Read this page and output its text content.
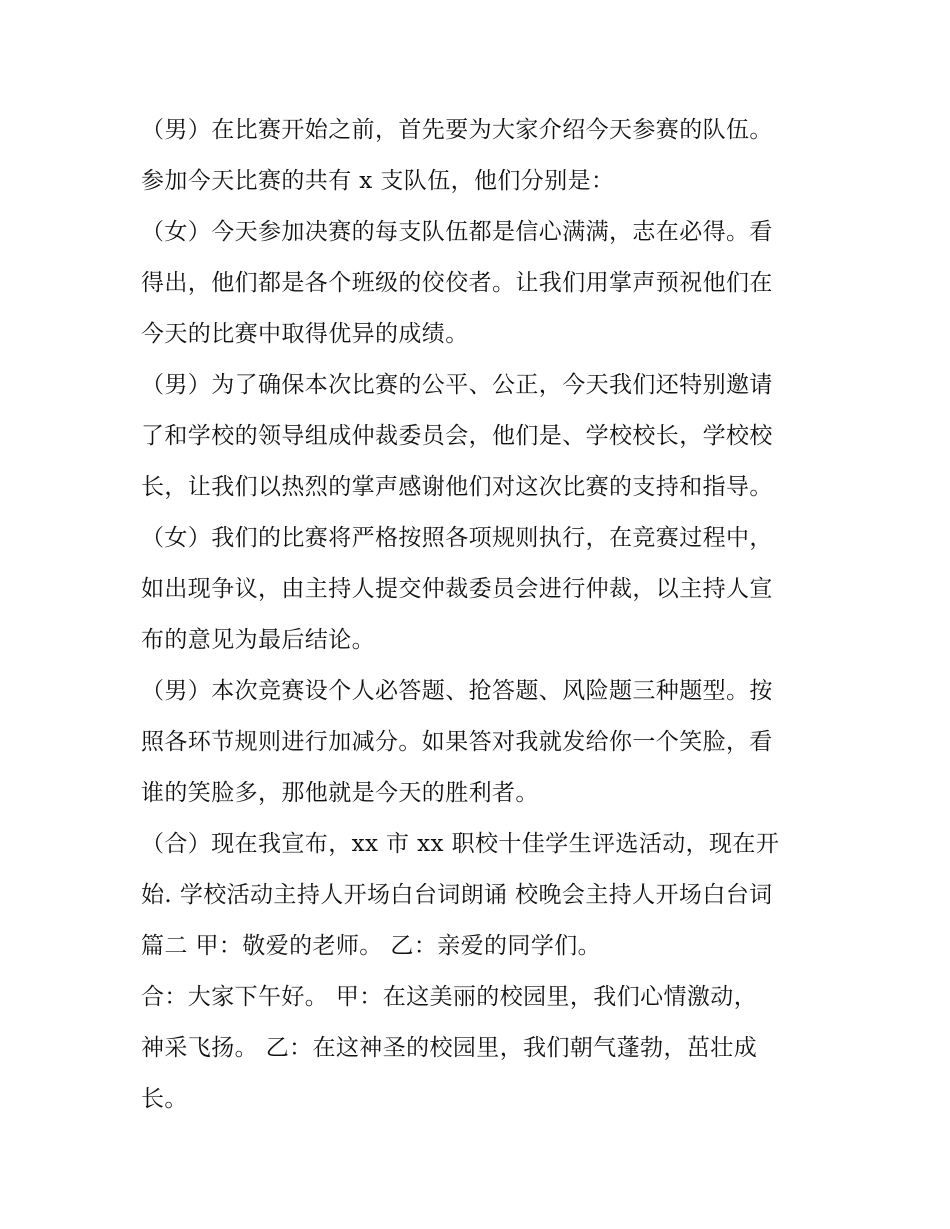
（男）在比赛开始之前，首先要为大家介绍今天参赛的队伍。

参加今天比赛的共有 x 支队伍，他们分别是：

（女）今天参加决赛的每支队伍都是信心满满，志在必得。看

得出，他们都是各个班级的佼佼者。让我们用掌声预祝他们在

今天的比赛中取得优异的成绩。

（男）为了确保本次比赛的公平、公正，今天我们还特别邀请

了和学校的领导组成仲裁委员会，他们是、学校校长，学校校

长，让我们以热烈的掌声感谢他们对这次比赛的支持和指导。

（女）我们的比赛将严格按照各项规则执行，在竞赛过程中，

如出现争议，由主持人提交仲裁委员会进行仲裁，以主持人宣

布的意见为最后结论。

（男）本次竞赛设个人必答题、抢答题、风险题三种题型。按

照各环节规则进行加减分。如果答对我就发给你一个笑脸，看

谁的笑脸多，那他就是今天的胜利者。

（合）现在我宣布，xx 市 xx 职校十佳学生评选活动，现在开

始. 学校活动主持人开场白台词朗诵 校晚会主持人开场白台词

篇二 甲：敬爱的老师。 乙：亲爱的同学们。

合：大家下午好。 甲：在这美丽的校园里，我们心情激动，

神采飞扬。 乙：在这神圣的校园里，我们朝气蓬勃，茁壮成

长。
